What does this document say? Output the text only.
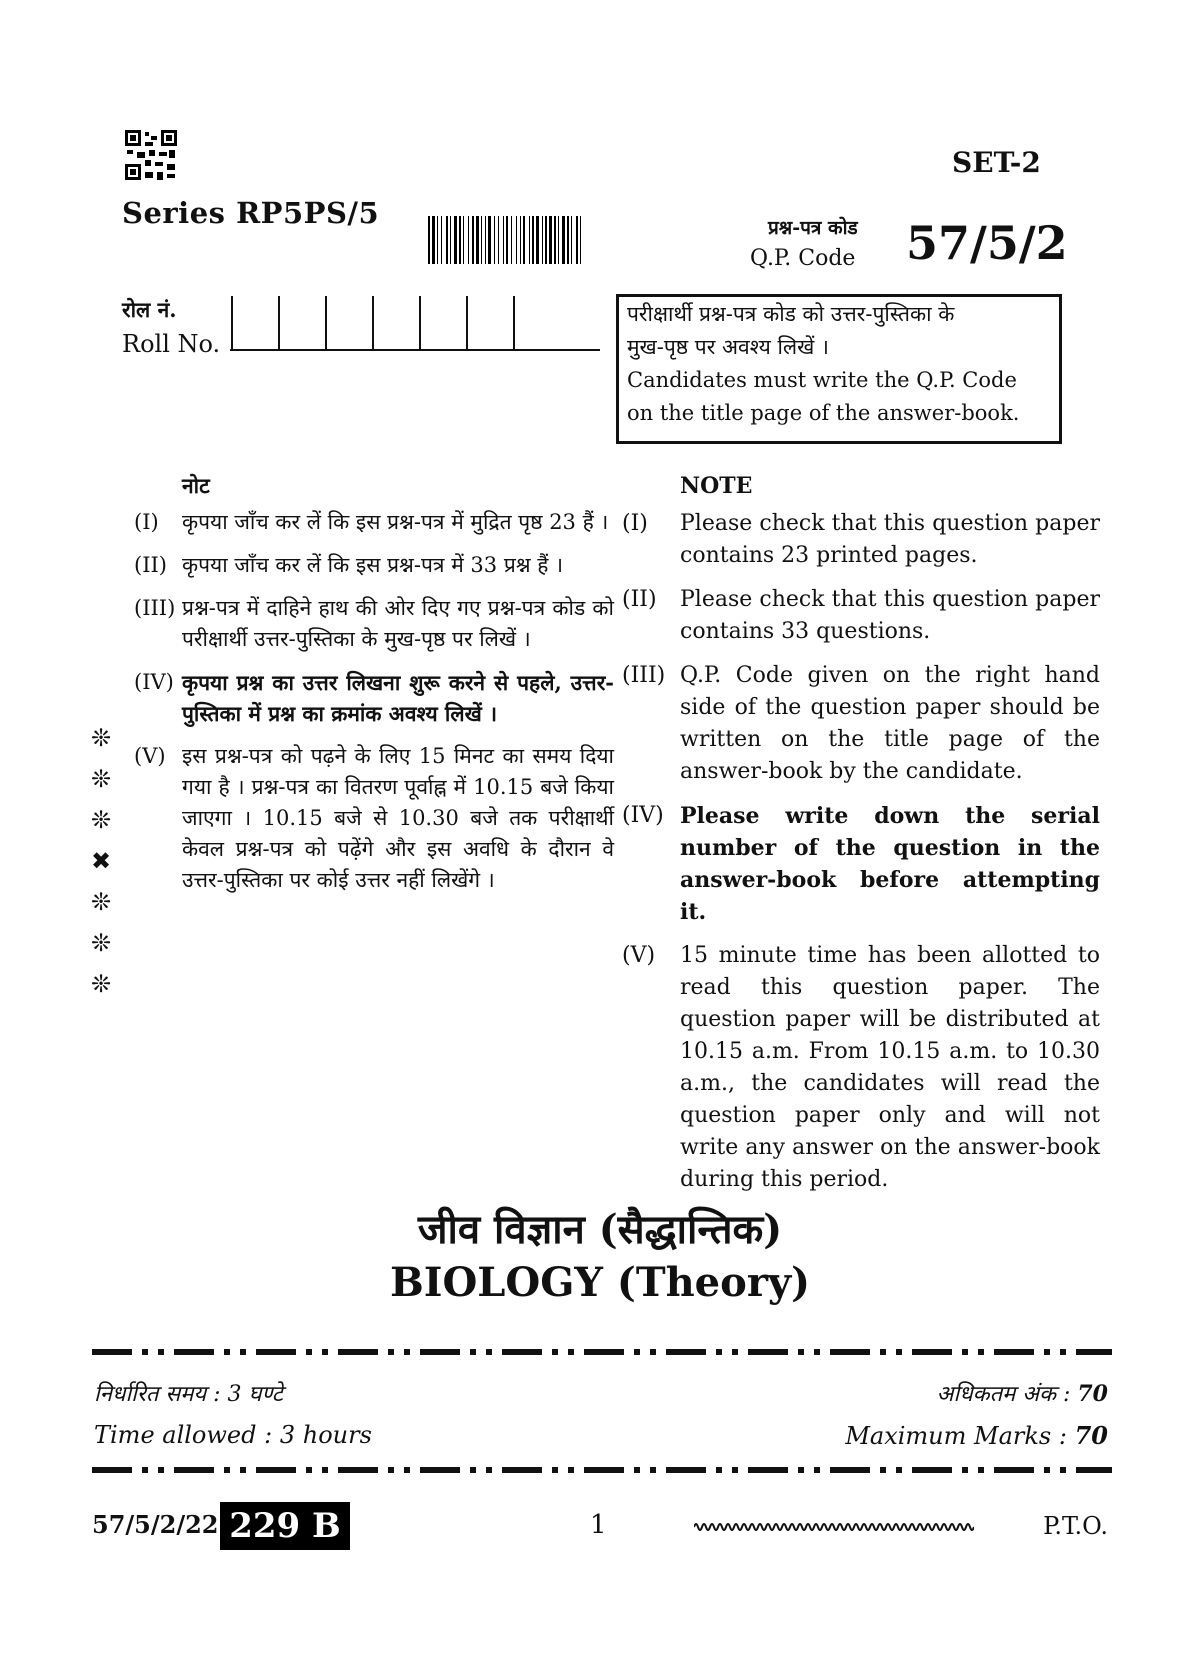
SET-2
Series RP5PS/5	प्रश्न-पत्र कोड
Q.P. Code 57/5/2
रोल नं.
Roll No.
परीक्षार्थी प्रश्न-पत्र कोड को उत्तर-पुस्तिका के
मुख-पृष्ठ पर अवश्य लिखें ।
Candidates must write the Q.P. Code
on the title page of the answer-book.
नोट
(I)	कृपया जाँच कर लें कि इस प्रश्न-पत्र में मुद्रित पृष्ठ 23 हैं ।
(II) कृपया जाँच कर लें कि इस प्रश्न-पत्र में 33 प्रश्न हैं ।
(III) प्रश्न-पत्र में दाहिने हाथ की ओर दिए गए प्रश्न-पत्र कोड को परीक्षार्थी उत्तर-पुस्तिका के मुख-पृष्ठ पर लिखें ।
(IV) कृपया प्रश्न का उत्तर लिखना शुरू करने से पहले, उत्तर-पुस्तिका में प्रश्न का क्रमांक अवश्य लिखें ।
(V) इस प्रश्न-पत्र को पढ़ने के लिए 15 मिनट का समय दिया गया है । प्रश्न-पत्र का वितरण पूर्वाह्न में 10.15 बजे किया जाएगा । 10.15 बजे से 10.30 बजे तक परीक्षार्थी केवल प्रश्न-पत्र को पढ़ेंगे और इस अवधि के दौरान वे उत्तर-पुस्तिका पर कोई उत्तर नहीं लिखेंगे ।
NOTE
(I)	Please check that this question paper contains 23 printed pages.
(II)	Please check that this question paper contains 33 questions.
(III) Q.P. Code given on the right hand side of the question paper should be written on the title page of the answer-book by the candidate.
(IV) Please write down the serial number of the question in the answer-book before attempting it.
(V)	15 minute time has been allotted to read this question paper. The question paper will be distributed at 10.15 a.m. From 10.15 a.m. to 10.30 a.m., the candidates will read the question paper only and will not write any answer on the answer-book during this period.
❊
❊
❊
✖
❊
❊
❊
जीव विज्ञान (सैद्धान्तिक)
BIOLOGY (Theory)
निर्धारित समय : 3 घण्टे
Time allowed : 3 hours
अधिकतम अंक : 70
Maximum Marks : 70
57/5/2/22 229 B	1	P.T.O.
